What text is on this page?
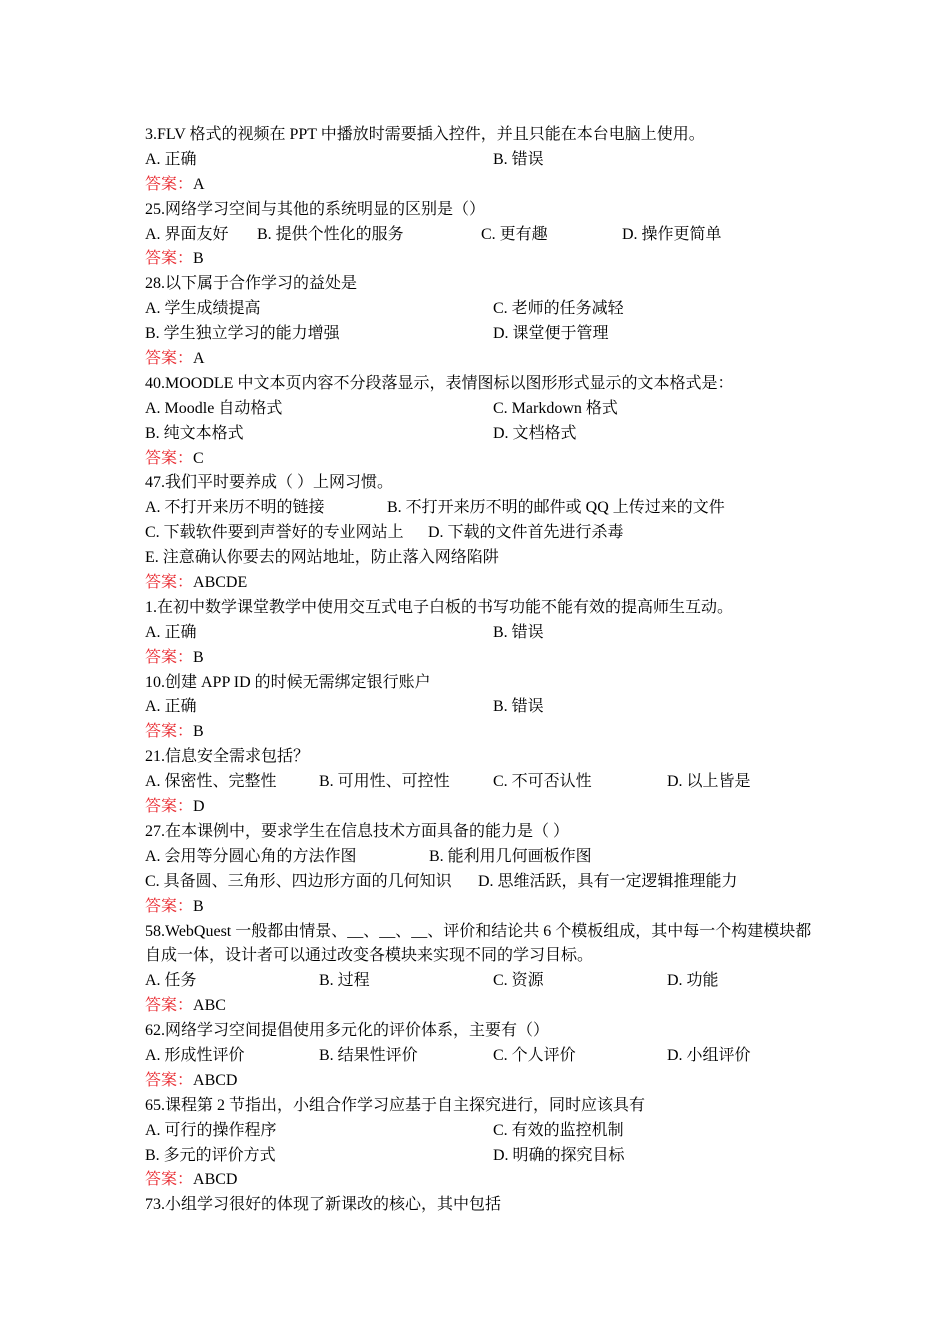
3.FLV 格式的视频在 PPT 中播放时需要插入控件，并且只能在本台电脑上使用。
A. 正确	B. 错误
答案：A
25.网络学习空间与其他的系统明显的区别是（）
A. 界面友好 B. 提供个性化的服务	C. 更有趣	D. 操作更简单
答案：B
28.以下属于合作学习的益处是
A. 学生成绩提高	C. 老师的任务减轻
B. 学生独立学习的能力增强	D. 课堂便于管理
答案：A
40.MOODLE 中文本页内容不分段落显示，表情图标以图形形式显示的文本格式是：
A. Moodle 自动格式	C. Markdown 格式
B. 纯文本格式	D. 文档格式
答案：C
47.我们平时要养成（ ）上网习惯。
A. 不打开来历不明的链接	B. 不打开来历不明的邮件或 QQ 上传过来的文件
C. 下载软件要到声誉好的专业网站上 D. 下载的文件首先进行杀毒
E. 注意确认你要去的网站地址，防止落入网络陷阱
答案：ABCDE
1.在初中数学课堂教学中使用交互式电子白板的书写功能不能有效的提高师生互动。
A. 正确	B. 错误
答案：B
10.创建 APP ID 的时候无需绑定银行账户
A. 正确	B. 错误
答案：B
21.信息安全需求包括？
A. 保密性、完整性	B. 可用性、可控性	C. 不可否认性	D. 以上皆是
答案：D
27.在本课例中，要求学生在信息技术方面具备的能力是（ ）
A. 会用等分圆心角的方法作图	B. 能利用几何画板作图
C. 具备圆、三角形、四边形方面的几何知识 D. 思维活跃，具有一定逻辑推理能力
答案：B
58.WebQuest 一般都由情景、__、__、__、评价和结论共 6 个模板组成，其中每一个构建模块都
自成一体，设计者可以通过改变各模块来实现不同的学习目标。
A. 任务	B. 过程	C. 资源	D. 功能
答案：ABC
62.网络学习空间提倡使用多元化的评价体系，主要有（）
A. 形成性评价	B. 结果性评价	C. 个人评价	D. 小组评价
答案：ABCD
65.课程第 2 节指出，小组合作学习应基于自主探究进行，同时应该具有
A. 可行的操作程序	C. 有效的监控机制
B. 多元的评价方式	D. 明确的探究目标
答案：ABCD
73.小组学习很好的体现了新课改的核心，其中包括
